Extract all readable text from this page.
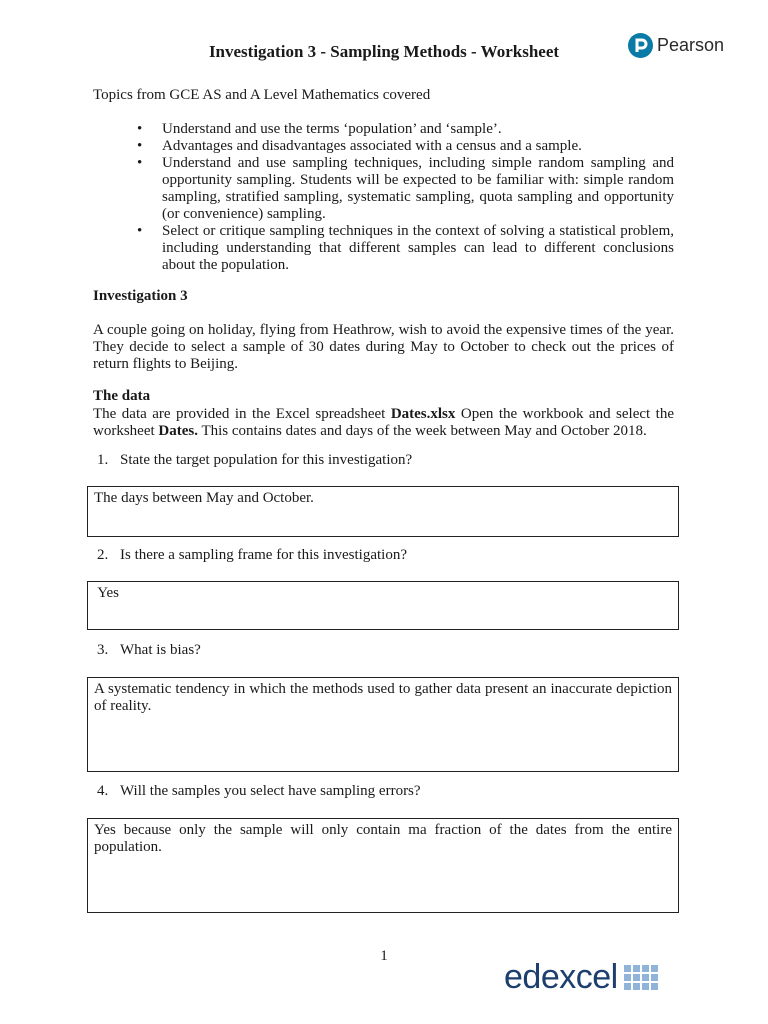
Investigation 3 - Sampling Methods - Worksheet	Pearson
Topics from GCE AS and A Level Mathematics covered
• Understand and use the terms ‘population’ and ‘sample’.
• Advantages and disadvantages associated with a census and a sample.
• Understand and use sampling techniques, including simple random sampling and opportunity sampling. Students will be expected to be familiar with: simple random sampling, stratified sampling, systematic sampling, quota sampling and opportunity (or convenience) sampling.
• Select or critique sampling techniques in the context of solving a statistical problem, including understanding that different samples can lead to different conclusions about the population.
Investigation 3
A couple going on holiday, flying from Heathrow, wish to avoid the expensive times of the year. They decide to select a sample of 30 dates during May to October to check out the prices of return flights to Beijing.
The data
The data are provided in the Excel spreadsheet Dates.xlsx Open the workbook and select the worksheet Dates. This contains dates and days of the week between May and October 2018.
1. State the target population for this investigation?
The days between May and October.
2. Is there a sampling frame for this investigation?
Yes
3. What is bias?
A systematic tendency in which the methods used to gather data present an inaccurate depiction of reality.
4. Will the samples you select have sampling errors?
Yes because only the sample will only contain ma fraction of the dates from the entire population.
1
edexcel
